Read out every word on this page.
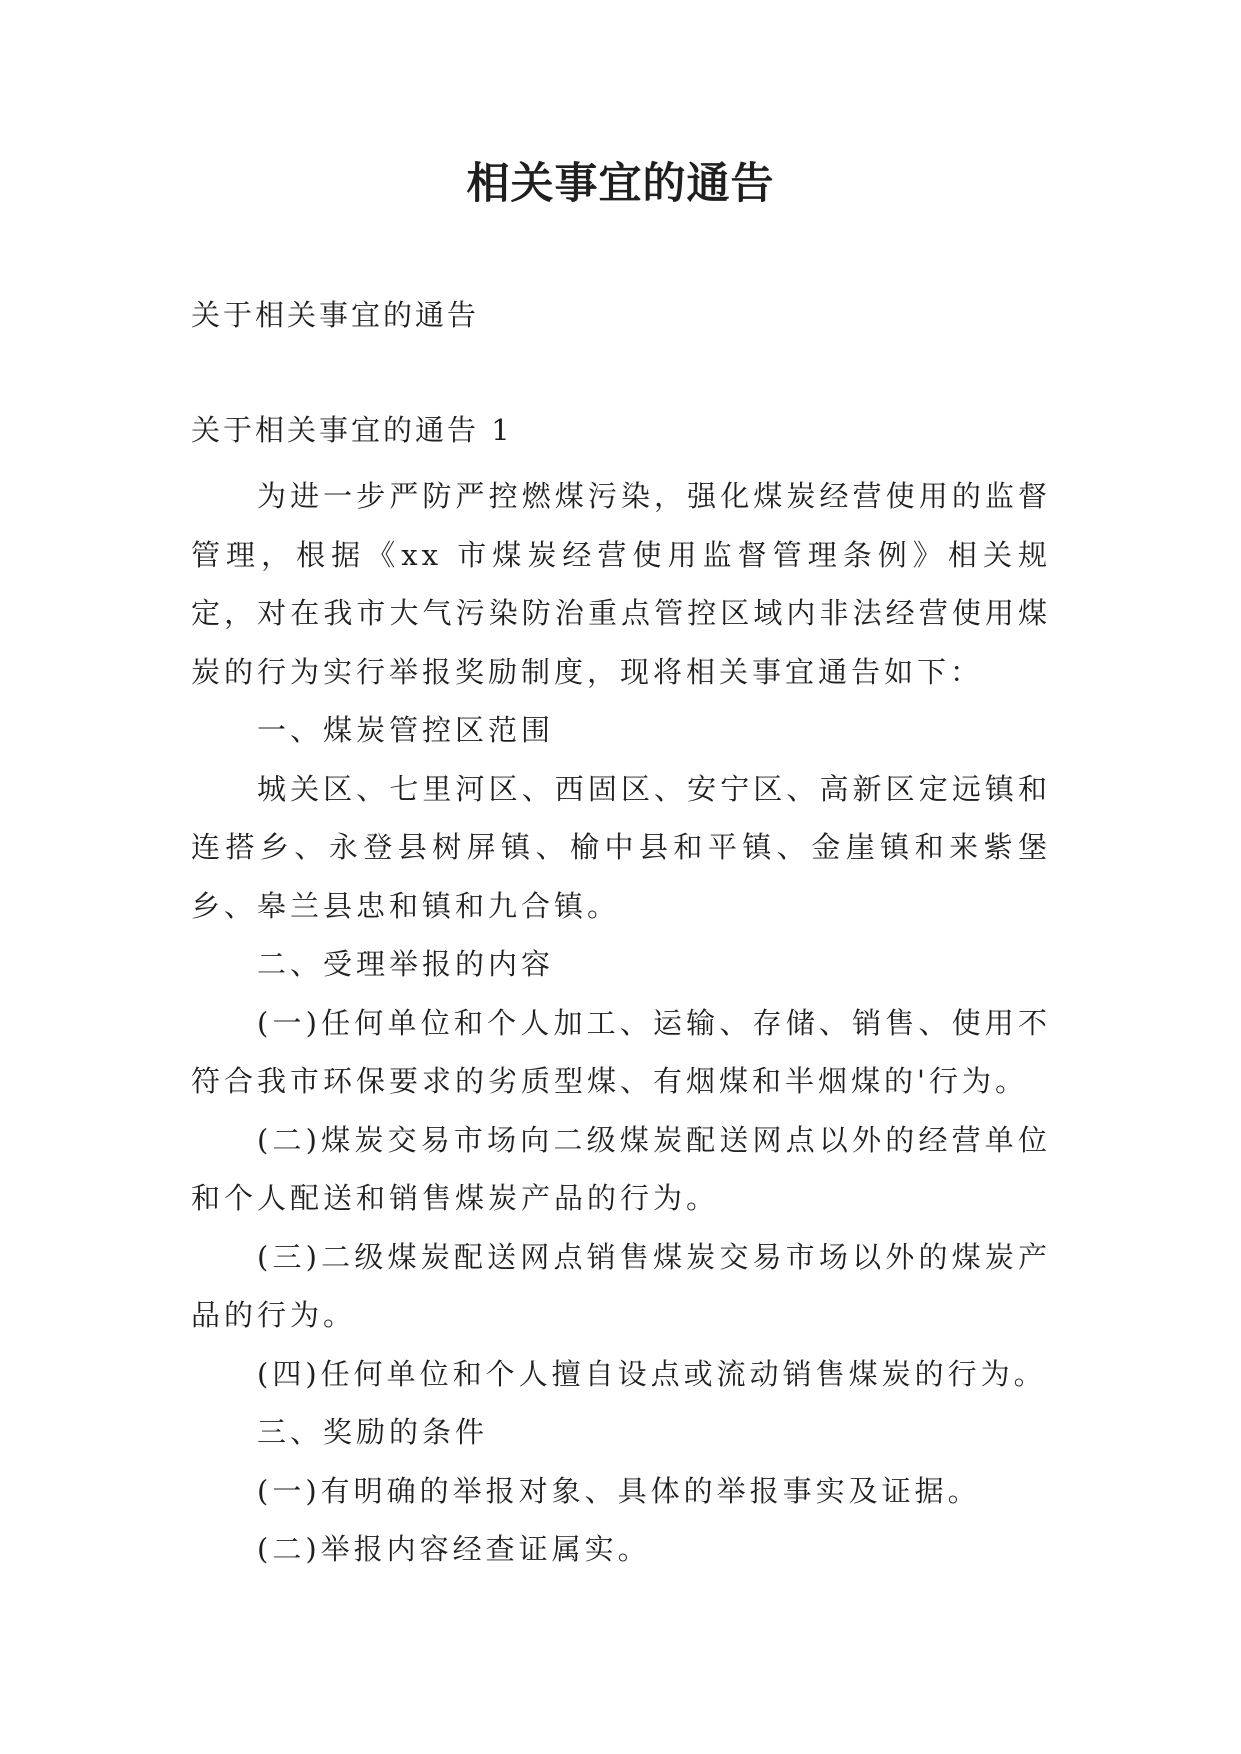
相关事宜的通告

关于相关事宜的通告

关于相关事宜的通告 1

为进一步严防严控燃煤污染，强化煤炭经营使用的监督管理，根据《xx 市煤炭经营使用监督管理条例》相关规定，对在我市大气污染防治重点管控区域内非法经营使用煤炭的行为实行举报奖励制度，现将相关事宜通告如下：

一、煤炭管控区范围

城关区、七里河区、西固区、安宁区、高新区定远镇和连搭乡、永登县树屏镇、榆中县和平镇、金崖镇和来紫堡乡、皋兰县忠和镇和九合镇。

二、受理举报的内容

(一)任何单位和个人加工、运输、存储、销售、使用不符合我市环保要求的劣质型煤、有烟煤和半烟煤的'行为。

(二)煤炭交易市场向二级煤炭配送网点以外的经营单位和个人配送和销售煤炭产品的行为。

(三)二级煤炭配送网点销售煤炭交易市场以外的煤炭产品的行为。

(四)任何单位和个人擅自设点或流动销售煤炭的行为。

三、奖励的条件

(一)有明确的举报对象、具体的举报事实及证据。

(二)举报内容经查证属实。
